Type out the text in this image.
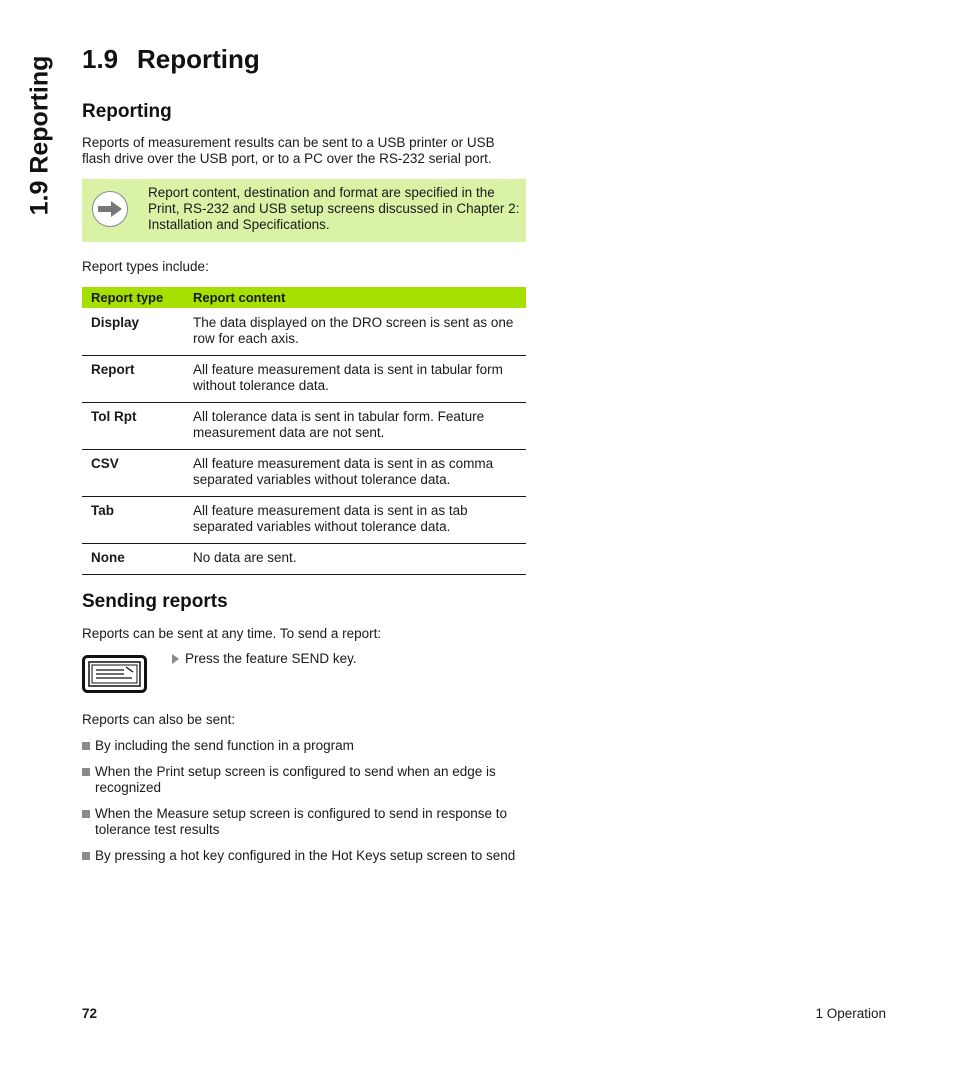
1.9 Reporting 1.9 Reporting
Reporting

Reports of measurement results can be sent to a USB printer or USB flash drive over the USB port, or to a PC over the RS-232 serial port.

Report content, destination and format are specified in the Print, RS-232 and USB setup screens discussed in Chapter 2: Installation and Specifications.

Report types include:

Report type	Report content
Display	The data displayed on the DRO screen is sent as one row for each axis.
Report	All feature measurement data is sent in tabular form without tolerance data.
Tol Rpt	All tolerance data is sent in tabular form. Feature measurement data are not sent.
CSV	All feature measurement data is sent in as comma separated variables without tolerance data.
Tab	All feature measurement data is sent in as tab separated variables without tolerance data.
None	No data are sent.
Sending reports

Reports can be sent at any time. To send a report:

Press the feature SEND key.

Reports can also be sent:

By including the send function in a program
When the Print setup screen is configured to send when an edge is recognized
When the Measure setup screen is configured to send in response to tolerance test results
By pressing a hot key configured in the Hot Keys setup screen to send
72	1 Operation
